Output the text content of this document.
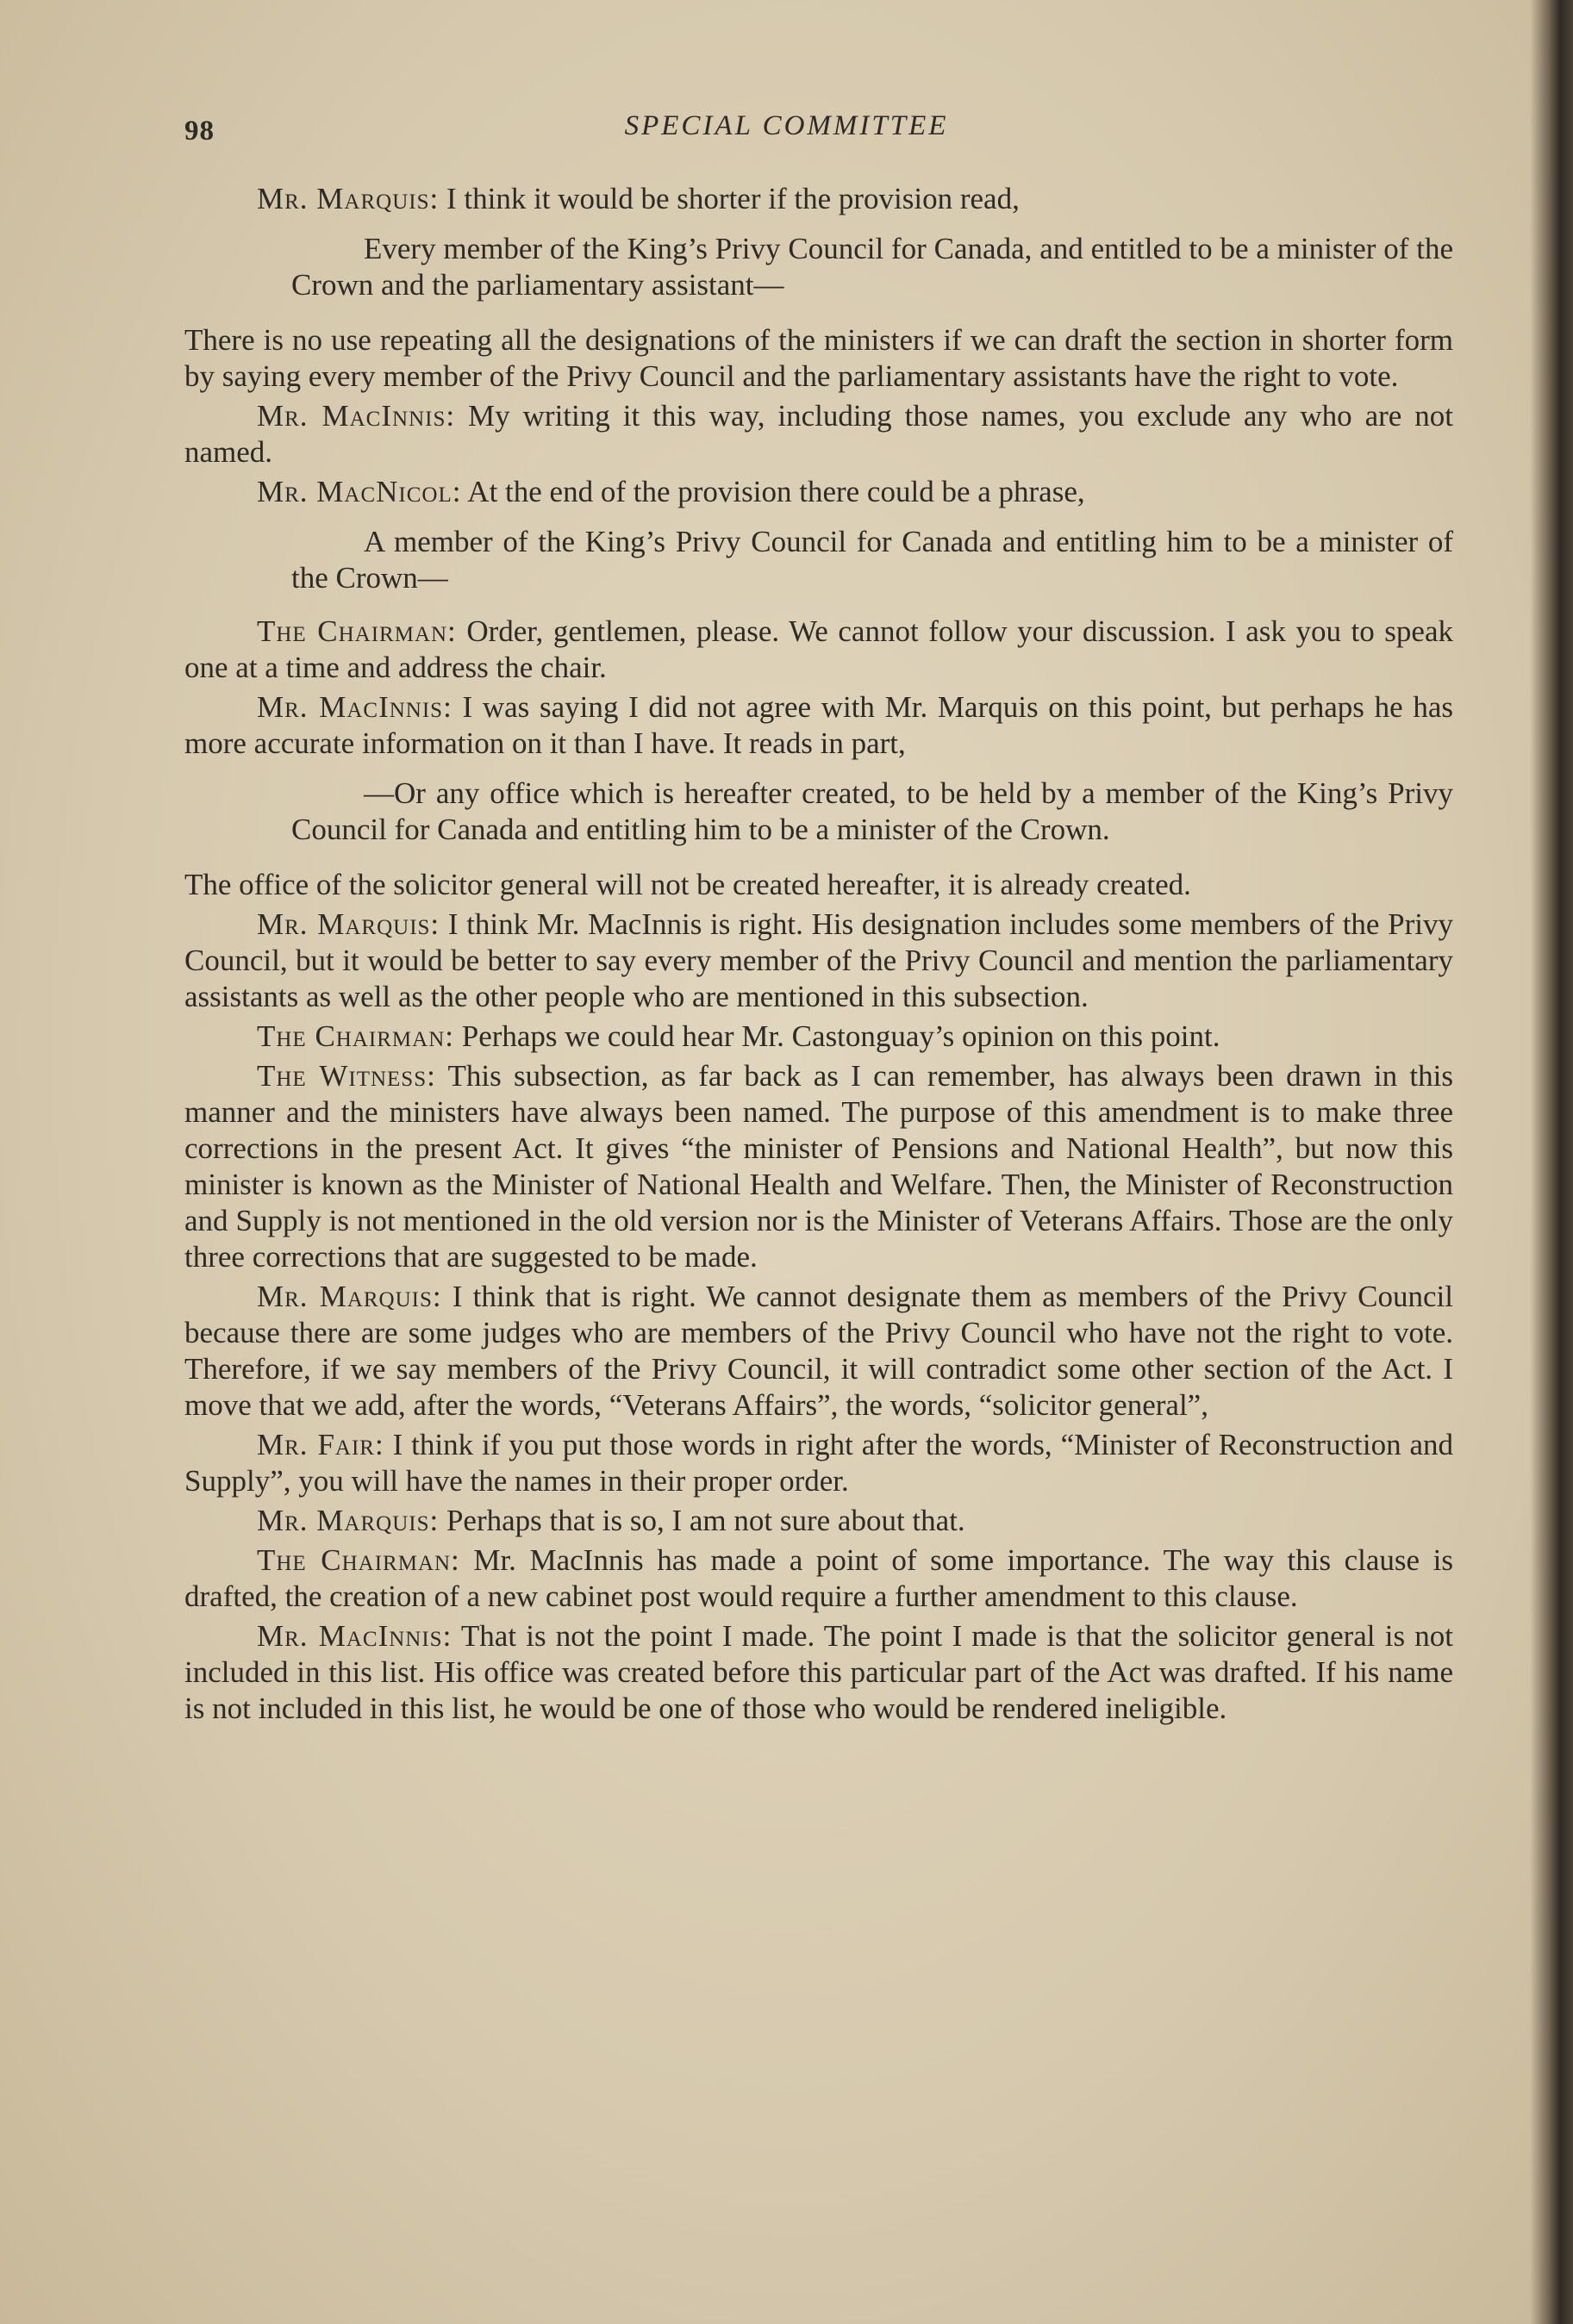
98	SPECIAL COMMITTEE

Mr. Marquis: I think it would be shorter if the provision read,

Every member of the King’s Privy Council for Canada, and entitled to be a minister of the Crown and the parliamentary assistant—

There is no use repeating all the designations of the ministers if we can draft the section in shorter form by saying every member of the Privy Council and the parliamentary assistants have the right to vote.

Mr. MacInnis: My writing it this way, including those names, you exclude any who are not named.

Mr. MacNicol: At the end of the provision there could be a phrase,

A member of the King’s Privy Council for Canada and entitling him to be a minister of the Crown—

The Chairman: Order, gentlemen, please. We cannot follow your discussion. I ask you to speak one at a time and address the chair.

Mr. MacInnis: I was saying I did not agree with Mr. Marquis on this point, but perhaps he has more accurate information on it than I have. It reads in part,

—Or any office which is hereafter created, to be held by a member of the King’s Privy Council for Canada and entitling him to be a minister of the Crown.

The office of the solicitor general will not be created hereafter, it is already created.

Mr. Marquis: I think Mr. MacInnis is right. His designation includes some members of the Privy Council, but it would be better to say every member of the Privy Council and mention the parliamentary assistants as well as the other people who are mentioned in this subsection.

The Chairman: Perhaps we could hear Mr. Castonguay’s opinion on this point.

The Witness: This subsection, as far back as I can remember, has always been drawn in this manner and the ministers have always been named. The purpose of this amendment is to make three corrections in the present Act. It gives “the minister of Pensions and National Health”, but now this minister is known as the Minister of National Health and Welfare. Then, the Minister of Reconstruction and Supply is not mentioned in the old version nor is the Minister of Veterans Affairs. Those are the only three corrections that are suggested to be made.

Mr. Marquis: I think that is right. We cannot designate them as members of the Privy Council because there are some judges who are members of the Privy Council who have not the right to vote. Therefore, if we say members of the Privy Council, it will contradict some other section of the Act. I move that we add, after the words, “Veterans Affairs”, the words, “solicitor general”,

Mr. Fair: I think if you put those words in right after the words, “Minister of Reconstruction and Supply”, you will have the names in their proper order.

Mr. Marquis: Perhaps that is so, I am not sure about that.

The Chairman: Mr. MacInnis has made a point of some importance. The way this clause is drafted, the creation of a new cabinet post would require a further amendment to this clause.

Mr. MacInnis: That is not the point I made. The point I made is that the solicitor general is not included in this list. His office was created before this particular part of the Act was drafted. If his name is not included in this list, he would be one of those who would be rendered ineligible.
